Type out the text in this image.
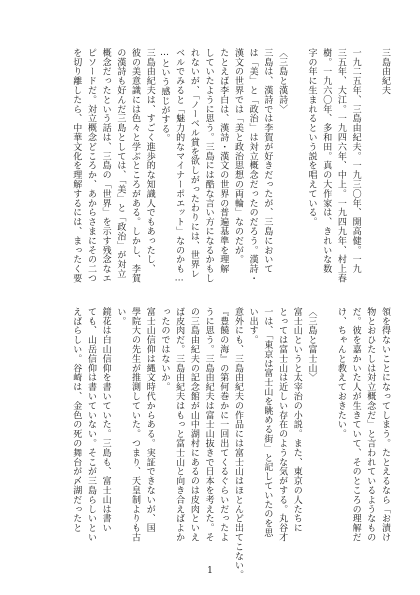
三島由紀夫

一九二五年、三島由紀夫。一九三〇年、開高健。一九
三五年、大江。一九四六年、中上。一九四九年、村上春
樹。一九六〇年、多和田。真の大作家は、きれいな数
字の年に生まれるという説を唱えている。

〈三島と漢詩〉
三島は、漢詩では李賀が好きだったが、三島において
は「美」と「政治」は対立概念だったのだろう。漢詩・
漢文の世界では「美と政治思想の両輪」なのだが。
たとえば李白は、漢詩・漢文の世界の普遍基準を理解
していたように思う。三島には酷な言い方になるかもし
れないが、「ノーベル賞を欲しがったわりには、世界レ
ベルでみると「魅力的なマイナーポエット」なのかも…
…という感じがする。
三島由紀夫は、すごく進歩的な知識人でもあったし、
彼の美意識には色々と学ぶところがある。しかし、李賀
の漢詩も好んだ三島としては、「美」と「政治」が対立
概念だったという話は、三島の「世界」を示す残念なエ
ピソードだ。対立概念どころか、あからさまにその二つ
を切り離したら、中華文化を理解するには、まったく要
領を得ないことになってしまう。たとえるなら「お漬け
物とおひたしは対立概念だ」と言われているようなもの
だ。彼を嘉かいた人が生きていて、そのところの理解だ
け、ちゃんと教えておきたい。

〈三島と富士山〉
富士山というと太宰治の小説。また、東京の人たちに
とっては富士山は近しい存在のような気がする。丸谷才
一は、「東京は富士山を眺める街」と記していたのを思
い出す。
意外にも、三島由紀夫の作品には富士山はほとんど出てこない。
『豊饒の海』の第何巻かに一回出てくるぐらいだったよ
うに思う。三島由紀夫は富士山抜きで日本を考えた。そ
の三島由紀夫の記念館が山中湖村にあるのは皮肉といえ
ば皮肉だ。三島由紀夫はもっと富士山と向き合えばよか
ったのではないか。
富士山信仰は縄文時代からある。実証できないが、国
學院大の先生が推測していた。つまり、天皇制よりも古
い。
鏡花は白山信仰を書いていた。三島も、富士山は書い
ても、山岳信仰は書いていない。そこが三島らしいとい
えばらしい。谷崎は、金色の死の舞台が〆湖だったと
1
